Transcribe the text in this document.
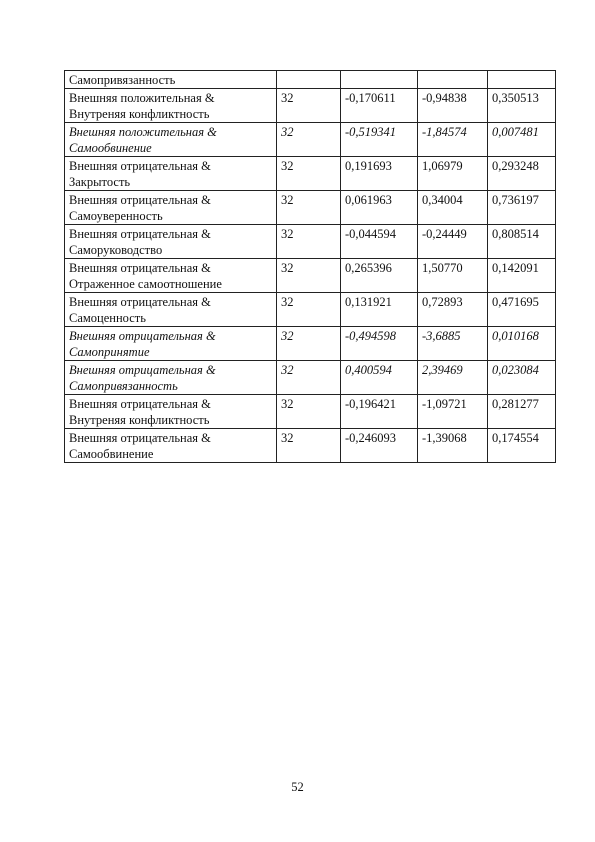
Самопривязанность				

Внешняя положительная &
Внутреняя конфликтность	32	-0,170611	-0,94838	0,350513

Внешняя положительная &
Самообвинение	32	-0,519341	-1,84574	0,007481

Внешняя отрицательная &
Закрытость	32	0,191693	1,06979	0,293248

Внешняя отрицательная &
Самоуверенность	32	0,061963	0,34004	0,736197

Внешняя отрицательная &
Саморуководство	32	-0,044594	-0,24449	0,808514

Внешняя отрицательная &
Отраженное самоотношение	32	0,265396	1,50770	0,142091

Внешняя отрицательная &
Самоценность	32	0,131921	0,72893	0,471695

Внешняя отрицательная &
Самопринятие	32	-0,494598	-3,6885	0,010168

Внешняя отрицательная &
Самопривязанность	32	0,400594	2,39469	0,023084

Внешняя отрицательная &
Внутреняя конфликтность	32	-0,196421	-1,09721	0,281277

Внешняя отрицательная &
Самообвинение	32	-0,246093	-1,39068	0,174554
52
